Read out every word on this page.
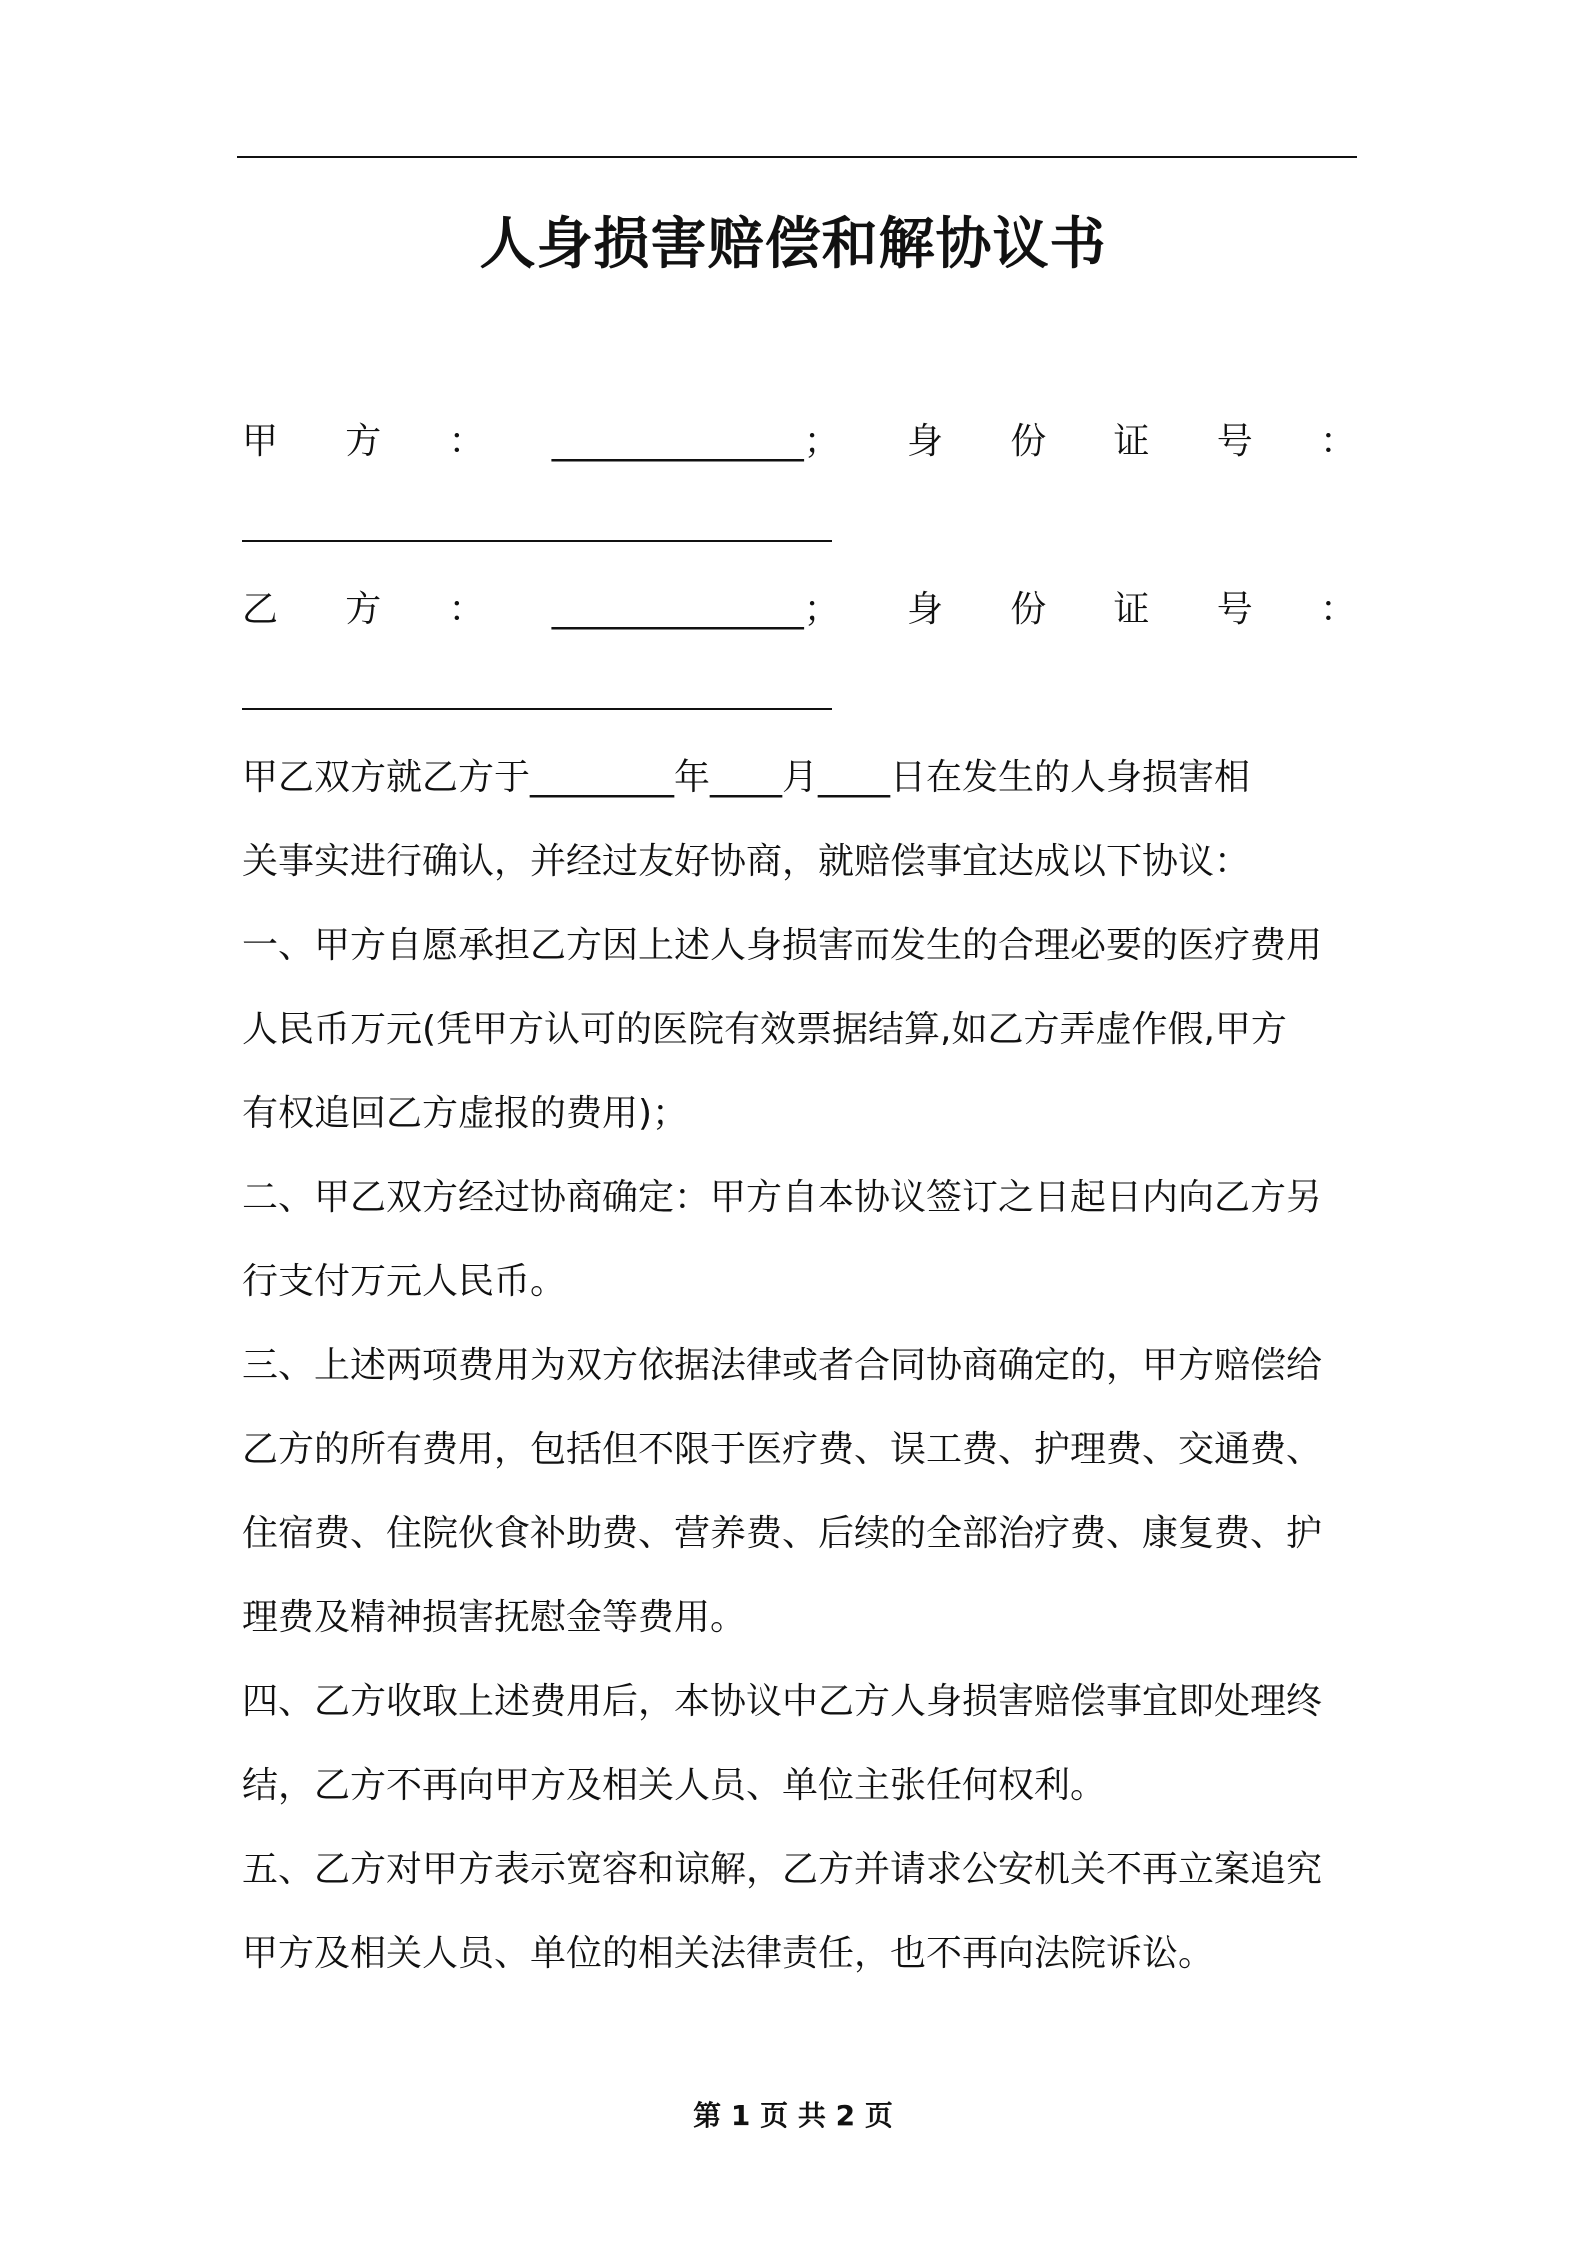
人身损害赔偿和解协议书
甲 方 ： ______________； 身 份 证 号 ：
乙 方 ： ______________； 身 份 证 号 ：
甲乙双方就乙方于________年____月____日在发生的人身损害相
关事实进行确认，并经过友好协商，就赔偿事宜达成以下协议：
一、甲方自愿承担乙方因上述人身损害而发生的合理必要的医疗费用
人民币万元(凭甲方认可的医院有效票据结算,如乙方弄虚作假,甲方
有权追回乙方虚报的费用)；
二、甲乙双方经过协商确定：甲方自本协议签订之日起日内向乙方另
行支付万元人民币。
三、上述两项费用为双方依据法律或者合同协商确定的，甲方赔偿给
乙方的所有费用，包括但不限于医疗费、误工费、护理费、交通费、
住宿费、住院伙食补助费、营养费、后续的全部治疗费、康复费、护
理费及精神损害抚慰金等费用。
四、乙方收取上述费用后，本协议中乙方人身损害赔偿事宜即处理终
结，乙方不再向甲方及相关人员、单位主张任何权利。
五、乙方对甲方表示宽容和谅解，乙方并请求公安机关不再立案追究
甲方及相关人员、单位的相关法律责任，也不再向法院诉讼。
第 1 页 共 2 页
